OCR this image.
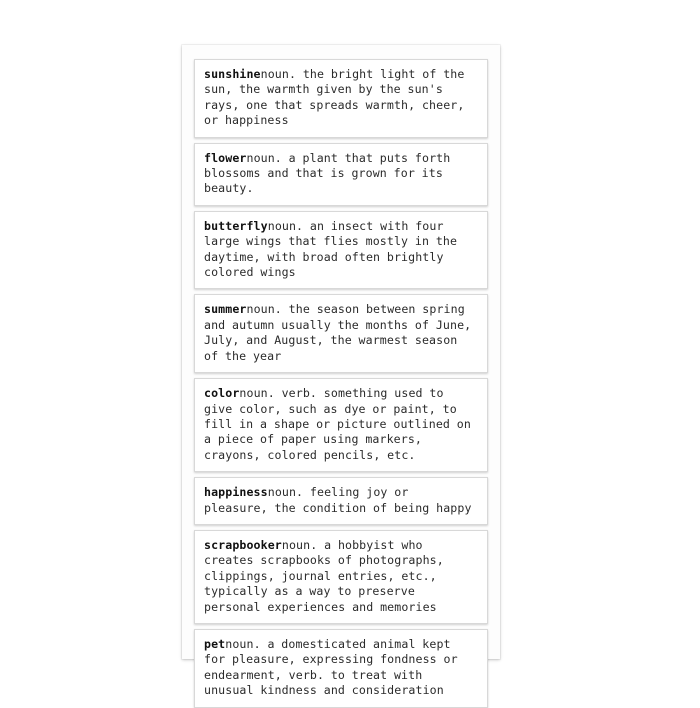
sunshinenoun. the bright light of the sun, the warmth given by the sun's rays, one that spreads warmth, cheer, or happiness

flowernoun. a plant that puts forth blossoms and that is grown for its beauty.

butterflynoun. an insect with four large wings that flies mostly in the daytime, with broad often brightly colored wings

summernoun. the season between spring and autumn usually the months of June, July, and August, the warmest season of the year

colornoun. verb. something used to give color, such as dye or paint, to fill in a shape or picture outlined on a piece of paper using markers, crayons, colored pencils, etc.

happinessnoun. feeling joy or pleasure, the condition of being happy

scrapbookernoun. a hobbyist who creates scrapbooks of photographs, clippings, journal entries, etc., typically as a way to preserve personal experiences and memories

petnoun. a domesticated animal kept for pleasure, expressing fondness or endearment, verb. to treat with unusual kindness and consideration
